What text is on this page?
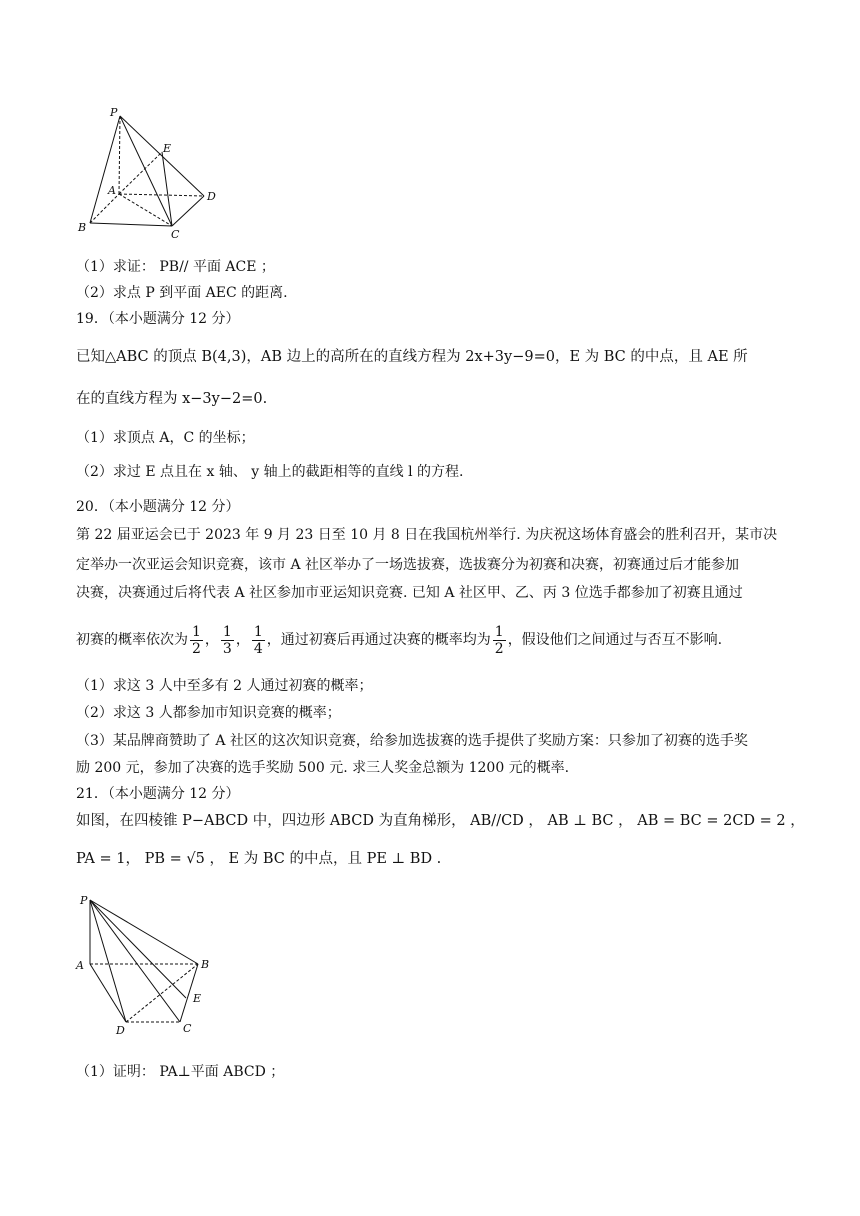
P
E
A	D
B
C
（1）求证： PB// 平面 ACE ；
（2）求点 P 到平面 AEC 的距离.
19．（本小题满分 12 分）
已知△ABC 的顶点 B(4,3)，AB 边上的高所在的直线方程为 2x+3y−9=0，E 为 BC 的中点，且 AE 所
在的直线方程为 x−3y−2=0.
（1）求顶点 A，C 的坐标；
（2）求过 E 点且在 x 轴、 y 轴上的截距相等的直线 l 的方程.
20．（本小题满分 12 分）
第 22 届亚运会已于 2023 年 9 月 23 日至 10 月 8 日在我国杭州举行. 为庆祝这场体育盛会的胜利召开，某市决
定举办一次亚运会知识竞赛，该市 A 社区举办了一场选拔赛，选拔赛分为初赛和决赛，初赛通过后才能参加
决赛，决赛通过后将代表 A 社区参加市亚运知识竞赛. 已知 A 社区甲、乙、丙 3 位选手都参加了初赛且通过
初赛的概率依次为 $\frac{1}{2}$ ， $\frac{1}{3}$ ， $\frac{1}{4}$ ，通过初赛后再通过决赛的概率均为 $\frac{1}{2}$ ，假设他们之间通过与否互不影响.
（1）求这 3 人中至多有 2 人通过初赛的概率；
（2）求这 3 人都参加市知识竞赛的概率；
（3）某品牌商赞助了 A 社区的这次知识竞赛，给参加选拔赛的选手提供了奖励方案：只参加了初赛的选手奖
励 200 元，参加了决赛的选手奖励 500 元. 求三人奖金总额为 1200 元的概率.
21．（本小题满分 12 分）
如图，在四棱锥 P−ABCD 中，四边形 ABCD 为直角梯形， AB//CD ， AB ⊥ BC ， AB = BC = 2CD = 2 ，
PA = 1， PB = √5 ， E 为 BC 的中点，且 PE ⊥ BD .
P
A	B
E
D	C
（1）证明： PA⊥平面 ABCD ；
